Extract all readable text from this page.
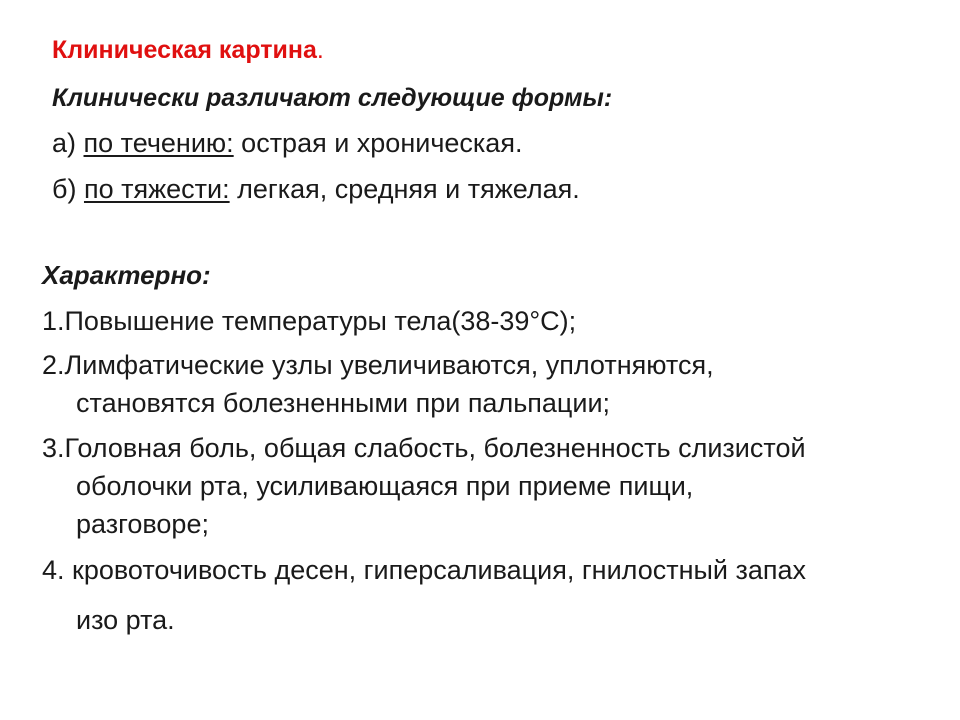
Клиническая картина.
Клинически различают следующие формы:
а) по течению: острая и хроническая.
б) по тяжести: легкая, средняя и тяжелая.
Характерно:
1.Повышение температуры тела(38-39°C);
2.Лимфатические узлы увеличиваются, уплотняются,
становятся болезненными при пальпации;
3.Головная боль, общая слабость, болезненность слизистой
оболочки рта, усиливающаяся при приеме пищи,
разговоре;
4. кровоточивость десен, гиперсаливация, гнилостный запах
изо рта.
